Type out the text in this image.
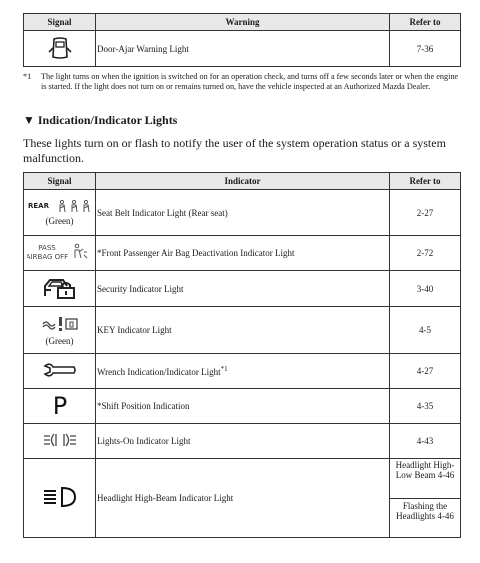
Signal	Warning	Refer to
	Door-Ajar Warning Light	7-36
*1 The light turns on when the ignition is switched on for an operation check, and turns off a few seconds later or when the engine is started. If the light does not turn on or remains turned on, have the vehicle inspected at an Authorized Mazda Dealer.
▼ Indication/Indicator Lights
These lights turn on or flash to notify the user of the system operation status or a system malfunction.
Signal	Indicator	Refer to

REAR
(Green)	Seat Belt Indicator Light (Rear seat)	2-27

PASS
AIRBAG OFF	*Front Passenger Air Bag Deactivation Indicator Light	2-72
	Security Indicator Light	3-40

(Green)	KEY Indicator Light	4-5
	Wrench Indication/Indicator Light$^{*1}$	4-27

P	*Shift Position Indication	4-35
	Lights-On Indicator Light	4-43
	Headlight High-Beam Indicator Light	Headlight High-Low Beam 4-46
Flashing the Headlights 4-46
